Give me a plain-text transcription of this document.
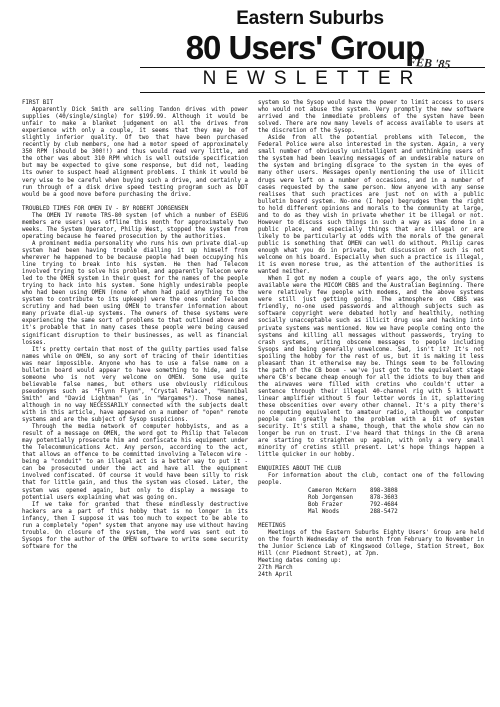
Eastern Suburbs
80 Users' Group
NEWSLETTER
FEB '85

FIRST BIT

Apparently Dick Smith are selling Tandon drives with power supplies (40/single/single) for $199.99. Although it would be unfair to make a blanket judgement on all the drives from experience with only a couple, it seems that they may be of slightly inferior quality. Of two that have been purchased recently by club members, one had a motor speed of approximately 350 RPM (should be 300!!) and thus would read very little, and the other was about 310 RPM which is well outside specification but may be expected to give some response, but did not, leading its owner to suspect head alignment problems. I think it would be very wise to be careful when buying such a drive, and certainly a run through of a disk drive speed testing program such as DDT would be a good move before purchasing the drive.

TROUBLED TIMES FOR OMEN IV - BY ROBERT JORGENSEN

The OMEN IV remote TRS-80 system (of which a number of ESEUG members are users) was offline this month for approximately two weeks. The System Operator, Philip West, stopped the system from operating because he feared prosecution by the authorities.

A prominent media personality who runs his own private dial-up system had been having trouble dialling it up himself from wherever he happened to be because people had been occupying his line trying to break into his system. He then had Telecom involved trying to solve his problem, and apparently Telecom were led to the OMEN system in their quest for the names of the people trying to hack into his system. Some highly undesirable people who had been using OMEN (none of whom had paid anything to the system to contribute to its upkeep) were the ones under Telecom scrutiny and had been using OMEN to transfer information about many private dial-up systems. The owners of these systems were experiencing the same sort of problems to that outlined above and it's probable that in many cases these people were being caused significant disruption to their businesses, as well as financial losses.

It's pretty certain that most of the guilty parties used false names while on OMEN, so any sort of tracing of their identities was near impossible. Anyone who has to use a false name on a bulletin board would appear to have something to hide, and is someone who is not very welcome on OMEN. Some use quite believable false names, but others use obviously ridiculous pseudonyms such as "Flynn Flynn", "Crystal Palace", "Hannibal Smith" and "David Lightman" (as in "Wargames"). Those names, although in no way NECESSARILY connected with the subjects dealt with in this article, have appeared on a number of "open" remote systems and are the subject of Sysop suspicions.

Through the media network of computer hobbyists, and as a result of a message on OMEN, the word got to Philip that Telecom may potentially prosecute him and confiscate his equipment under the Telecommunications Act. Any person, according to the act, that allows an offence to be committed involving a Telecom wire - being a "conduit" to an illegal act is a better way to put it - can be prosecuted under the act and have all the equipment involved confiscated. Of course it would have been silly to risk that for little gain, and thus the system was closed. Later, the system was opened again, but only to display a message to potential users explaining what was going on.

If we take for granted that these mindlessly destructive hackers are a part of this hobby that is no longer in its infancy, then I suppose it was too much to expect to be able to run a completely "open" system that anyone may use without having trouble. On closure of the system, the word was sent out to Sysops for the author of the OMEN software to write some security software for the

system so the Sysop would have the power to limit access to users who would not abuse the system. Very promptly the new software arrived and the immediate problems of the system have been solved. There are now many levels of access available to users at the discretion of the Sysop.

Aside from all the potential problems with Telecom, the Federal Police were also interested in the system. Again, a very small number of obviously unintelligent and unthinking users of the system had been leaving messages of an undesirable nature on the system and bringing disgrace to the system in the eyes of many other users. Messages openly mentioning the use of illicit drugs were left on a number of occasions, and in a number of cases requested by the same person. Now anyone with any sense realises that such practices are just not on with a public bulletin board system. No-one (I hope) begrudges them the right to hold different opinions and morals to the community at large, and to do as they wish in private whether it be illegal or not. However to discuss such things in such a way as was done in a public place, and especially things that are illegal or are likely to be particularly at odds with the morals of the general public is something that OMEN can well do without. Philip cares enough what you do in private, but discussion of such is not welcome on his board. Especially when such a practice is illegal, it is even morese true, as the attention of the authorities is wanted neither.

When I got my modem a couple of years ago, the only systems available were the MICOM CBBS and the Australian Beginning. There were relatively few people with modems, and the above systems were still just getting going. The atmosphere on CBBS was friendly, no-one used passwords and although subjects such as software copyright were debated hotly and healthily, nothing socially unacceptable such as illicit drug use and hacking into private systems was mentioned. Now we have people coming onto the systems and killing all messages without passwords, trying to crash systems, writing obscene messages to people including Sysops and being generally unwelcome. Sad, isn't it? It's not spoiling the hobby for the rest of us, but it is making it less pleasant than it otherwise may be. Things seem to be following the path of the CB boom - we've just got to the equivalent stage where CB's became cheap enough for all the idiots to buy them and the airwaves were filled with cretins who couldn't utter a sentence through their illegal 40-channel rig with 5 kilowatt linear amplifier without 5 four letter words in it, splattering these obscenities over every other channel. It's a pity there's no computing equivalent to amateur radio, although we computer people can greatly help the problem with a bit of system security. It's still a shame, though, that the whole show can no longer be run on trust. I've heard that things in the CB arena are starting to straighten up again, with only a very small minority of cretins still present. Let's hope things happen a little quicker in our hobby.

ENQUIRIES ABOUT THE CLUB

For information about the club, contact one of the following people.

Cameron McKern	898-3808
Rob Jorgensen	878-3603
Bob Frazer	792-4684
Mal Woods	288-5472

MEETINGS

Meetings of the Eastern Suburbs Eighty Users' Group are held on the fourth Wednesday of the month from February to November in the Junior Science Lab of Kingswood College, Station Street, Box Hill (cnr Piedmont Street), at 7pm.

Meeting dates coming up:

27th March

24th April
